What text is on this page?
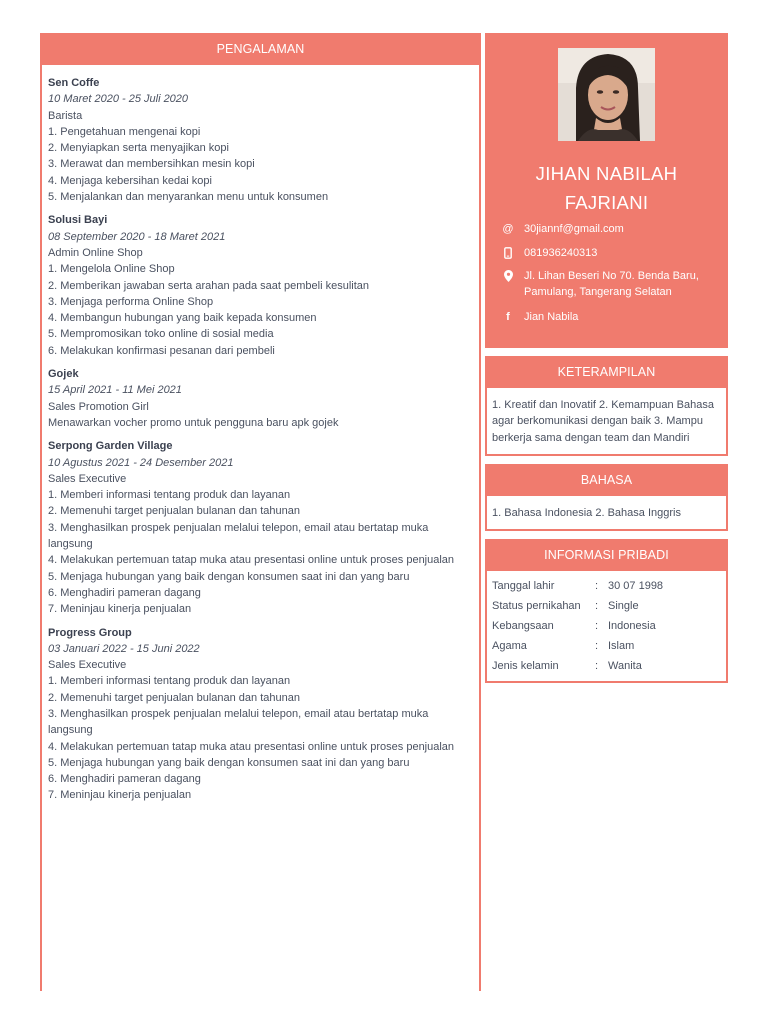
PENGALAMAN
Sen Coffe
10 Maret 2020 - 25 Juli 2020
Barista
1. Pengetahuan mengenai kopi
2. Menyiapkan serta menyajikan kopi
3. Merawat dan membersihkan mesin kopi
4. Menjaga kebersihan kedai kopi
5. Menjalankan dan menyarankan menu untuk konsumen
Solusi Bayi
08 September 2020 - 18 Maret 2021
Admin Online Shop
1. Mengelola Online Shop
2. Memberikan jawaban serta arahan pada saat pembeli kesulitan
3. Menjaga performa Online Shop
4. Membangun hubungan yang baik kepada konsumen
5. Mempromosikan toko online di sosial media
6. Melakukan konfirmasi pesanan dari pembeli
Gojek
15 April 2021 - 11 Mei 2021
Sales Promotion Girl
Menawarkan vocher promo untuk pengguna baru apk gojek
Serpong Garden Village
10 Agustus 2021 - 24 Desember 2021
Sales Executive
1. Memberi informasi tentang produk dan layanan
2. Memenuhi target penjualan bulanan dan tahunan
3. Menghasilkan prospek penjualan melalui telepon, email atau bertatap muka langsung
4. Melakukan pertemuan tatap muka atau presentasi online untuk proses penjualan
5. Menjaga hubungan yang baik dengan konsumen saat ini dan yang baru
6. Menghadiri pameran dagang
7. Meninjau kinerja penjualan
Progress Group
03 Januari 2022 - 15 Juni 2022
Sales Executive
1. Memberi informasi tentang produk dan layanan
2. Memenuhi target penjualan bulanan dan tahunan
3. Menghasilkan prospek penjualan melalui telepon, email atau bertatap muka langsung
4. Melakukan pertemuan tatap muka atau presentasi online untuk proses penjualan
5. Menjaga hubungan yang baik dengan konsumen saat ini dan yang baru
6. Menghadiri pameran dagang
7. Meninjau kinerja penjualan
JIHAN NABILAH
FAJRIANI
@ 30jiannf@gmail.com
081936240313
Jl. Lihan Beseri No 70. Benda Baru, Pamulang, Tangerang Selatan
f	Jian Nabila
KETERAMPILAN
1. Kreatif dan Inovatif 2. Kemampuan Bahasa agar berkomunikasi dengan baik 3. Mampu berkerja sama dengan team dan Mandiri
BAHASA
1. Bahasa Indonesia 2. Bahasa Inggris
INFORMASI PRIBADI
Tanggal lahir	: 30 07 1998
Status pernikahan	: Single
Kebangsaan	: Indonesia
Agama	: Islam
Jenis kelamin	: Wanita
